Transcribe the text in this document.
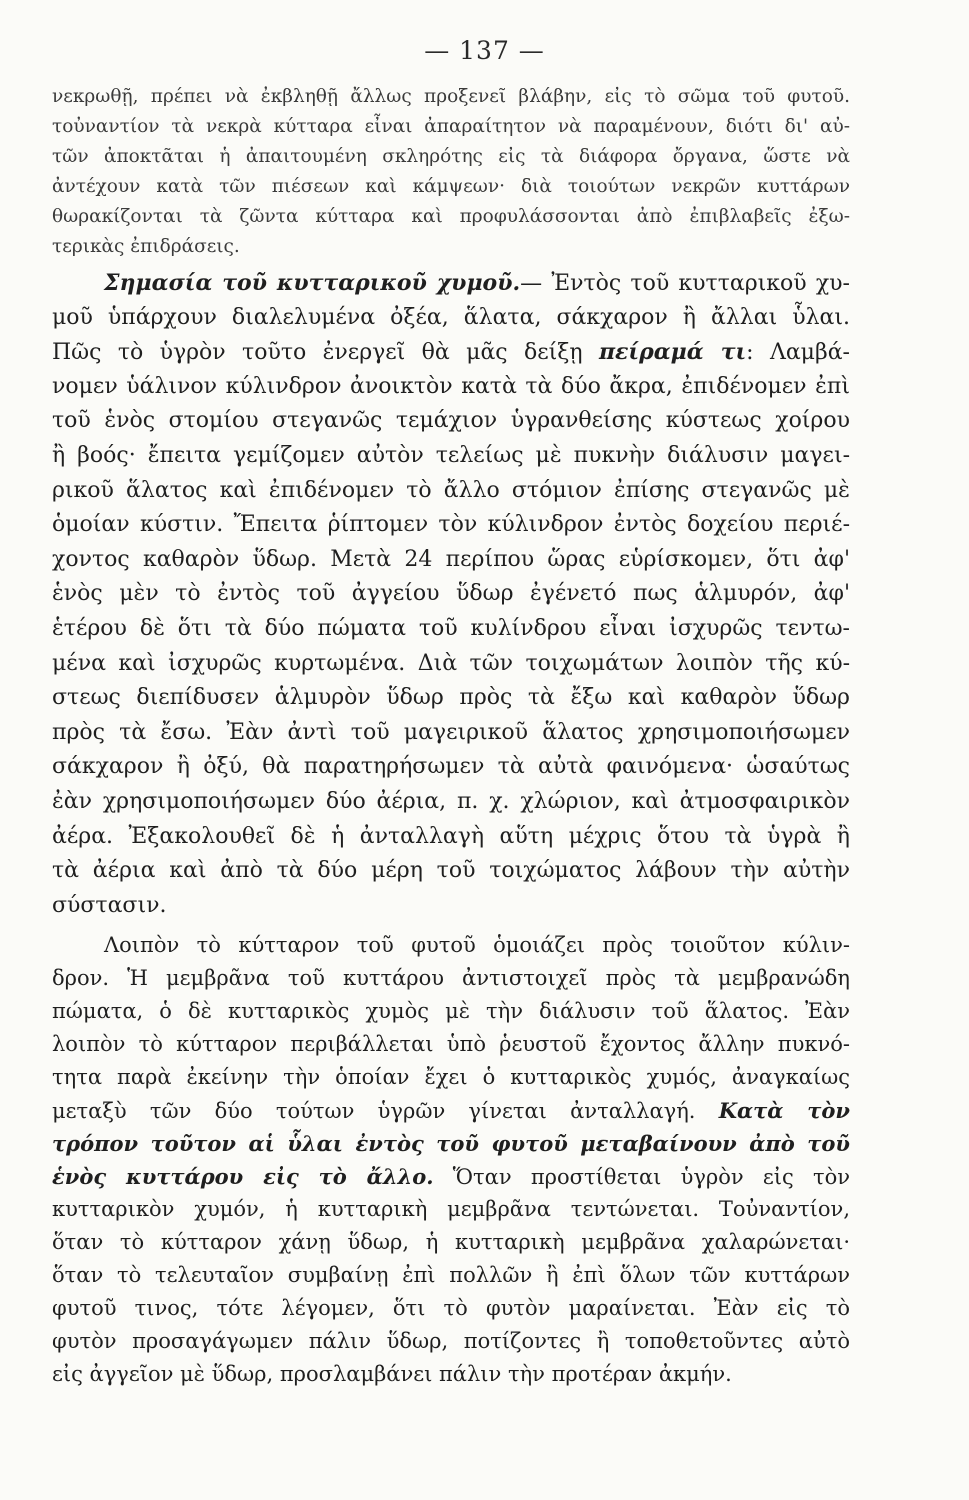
— 137 —
νεκρωθῇ, πρέπει νὰ ἐκβληθῇ ἄλλως προξενεῖ βλάβην, εἰς τὸ σῶμα τοῦ φυτοῦ.
τοὐναντίον τὰ νεκρὰ κύτταρα εἶναι ἀπαραίτητον νὰ παραμένουν, διότι δι' αὐ-
τῶν ἀποκτᾶται ἡ ἀπαιτουμένη σκληρότης εἰς τὰ διάφορα ὄργανα, ὥστε νὰ
ἀντέχουν κατὰ τῶν πιέσεων καὶ κάμψεων· διὰ τοιούτων νεκρῶν κυττάρων
θωρακίζονται τὰ ζῶντα κύτταρα καὶ προφυλάσσονται ἀπὸ ἐπιβλαβεῖς ἐξω-
τερικὰς ἐπιδράσεις.
Σημασία τοῦ κυτταρικοῦ χυμοῦ.— Ἐντὸς τοῦ κυτταρικοῦ χυ-
μοῦ ὑπάρχουν διαλελυμένα ὀξέα, ἅλατα, σάκχαρον ἢ ἄλλαι ὗλαι.
Πῶς τὸ ὑγρὸν τοῦτο ἐνεργεῖ θὰ μᾶς δείξῃ πείραμά τι: Λαμβά-
νομεν ὑάλινον κύλινδρον ἀνοικτὸν κατὰ τὰ δύο ἄκρα, ἐπιδένομεν ἐπὶ
τοῦ ἑνὸς στομίου στεγανῶς τεμάχιον ὑγρανθείσης κύστεως χοίρου
ἢ βοός· ἔπειτα γεμίζομεν αὐτὸν τελείως μὲ πυκνὴν διάλυσιν μαγει-
ρικοῦ ἅλατος καὶ ἐπιδένομεν τὸ ἄλλο στόμιον ἐπίσης στεγανῶς μὲ
ὁμοίαν κύστιν. Ἔπειτα ῥίπτομεν τὸν κύλινδρον ἐντὸς δοχείου περιέ-
χοντος καθαρὸν ὕδωρ. Μετὰ 24 περίπου ὥρας εὑρίσκομεν, ὅτι ἀφ'
ἑνὸς μὲν τὸ ἐντὸς τοῦ ἀγγείου ὕδωρ ἐγένετό πως ἁλμυρόν, ἀφ'
ἑτέρου δὲ ὅτι τὰ δύο πώματα τοῦ κυλίνδρου εἶναι ἰσχυρῶς τεντω-
μένα καὶ ἰσχυρῶς κυρτωμένα. Διὰ τῶν τοιχωμάτων λοιπὸν τῆς κύ-
στεως διεπίδυσεν ἁλμυρὸν ὕδωρ πρὸς τὰ ἔξω καὶ καθαρὸν ὕδωρ
πρὸς τὰ ἔσω. Ἐὰν ἀντὶ τοῦ μαγειρικοῦ ἅλατος χρησιμοποιήσωμεν
σάκχαρον ἢ ὀξύ, θὰ παρατηρήσωμεν τὰ αὐτὰ φαινόμενα· ὡσαύτως
ἐὰν χρησιμοποιήσωμεν δύο ἀέρια, π. χ. χλώριον, καὶ ἀτμοσφαιρικὸν
ἀέρα. Ἐξακολουθεῖ δὲ ἡ ἀνταλλαγὴ αὕτη μέχρις ὅτου τὰ ὑγρὰ ἢ
τὰ ἀέρια καὶ ἀπὸ τὰ δύο μέρη τοῦ τοιχώματος λάβουν τὴν αὐτὴν
σύστασιν.
Λοιπὸν τὸ κύτταρον τοῦ φυτοῦ ὁμοιάζει πρὸς τοιοῦτον κύλιν-
δρον. Ἡ μεμβρᾶνα τοῦ κυττάρου ἀντιστοιχεῖ πρὸς τὰ μεμβρανώδη
πώματα, ὁ δὲ κυτταρικὸς χυμὸς μὲ τὴν διάλυσιν τοῦ ἅλατος. Ἐὰν
λοιπὸν τὸ κύτταρον περιβάλλεται ὑπὸ ῥευστοῦ ἔχοντος ἄλλην πυκνό-
τητα παρὰ ἐκείνην τὴν ὁποίαν ἔχει ὁ κυτταρικὸς χυμός, ἀναγκαίως
μεταξὺ τῶν δύο τούτων ὑγρῶν γίνεται ἀνταλλαγή. Κατὰ τὸν
τρόπον τοῦτον αἱ ὗλαι ἐντὸς τοῦ φυτοῦ μεταβαίνουν ἀπὸ τοῦ
ἑνὸς κυττάρου εἰς τὸ ἄλλο. Ὅταν προστίθεται ὑγρὸν εἰς τὸν
κυτταρικὸν χυμόν, ἡ κυτταρικὴ μεμβρᾶνα τεντώνεται. Τοὐναντίον,
ὅταν τὸ κύτταρον χάνῃ ὕδωρ, ἡ κυτταρικὴ μεμβρᾶνα χαλαρώνεται·
ὅταν τὸ τελευταῖον συμβαίνῃ ἐπὶ πολλῶν ἢ ἐπὶ ὅλων τῶν κυττάρων
φυτοῦ τινος, τότε λέγομεν, ὅτι τὸ φυτὸν μαραίνεται. Ἐὰν εἰς τὸ
φυτὸν προσαγάγωμεν πάλιν ὕδωρ, ποτίζοντες ἢ τοποθετοῦντες αὐτὸ
εἰς ἀγγεῖον μὲ ὕδωρ, προσλαμβάνει πάλιν τὴν προτέραν ἀκμήν.
